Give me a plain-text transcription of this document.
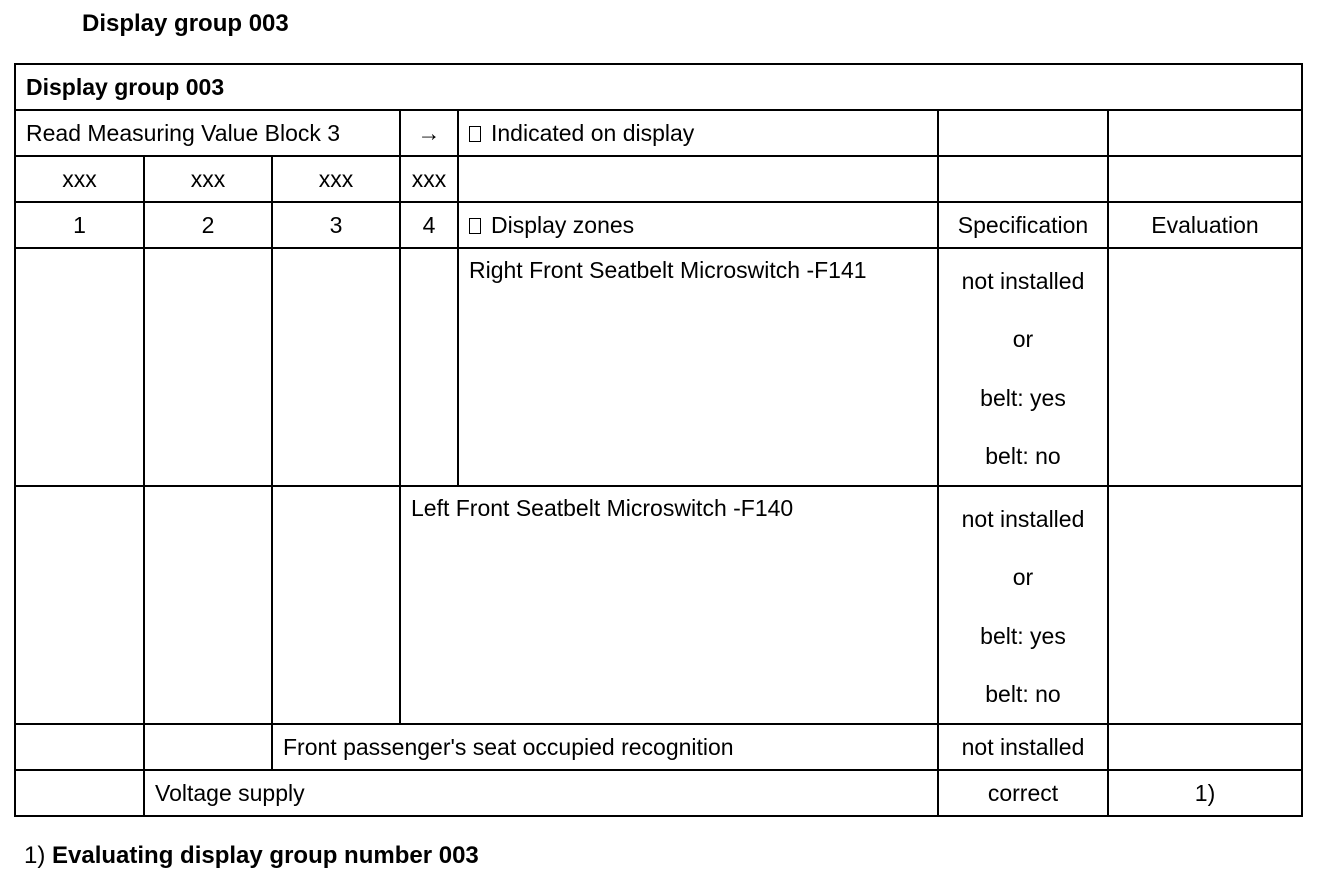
Display group 003
Display group 003						
Read Measuring Value Block 3			→	Indicated on display		
xxx	xxx	xxx	xxx			
1	2	3	4	Display zones	Specification	Evaluation
				Right Front Seatbelt Microswitch -F141	not installed
or
belt: yes
belt: no	

			Left Front Seatbelt Microswitch -F140		not installed
or
belt: yes
belt: no	

		Front passenger's seat occupied recognition			not installed	
	Voltage supply				correct	1)
1) Evaluating display group number 003
